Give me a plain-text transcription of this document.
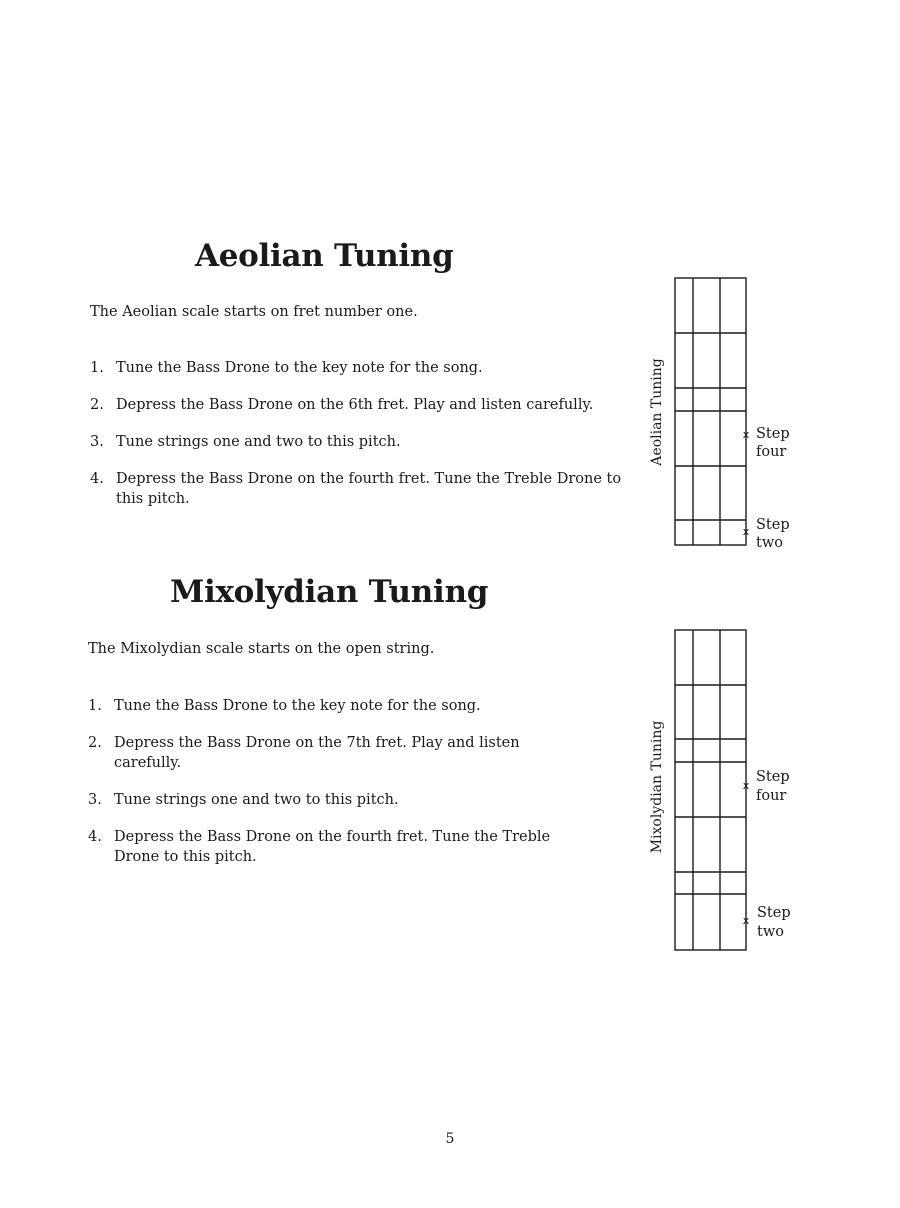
Aeolian Tuning

The Aeolian scale starts on fret number one.

1. Tune the Bass Drone to the key note for the song.
2. Depress the Bass Drone on the 6th fret. Play and listen carefully.
3. Tune strings one and two to this pitch.
4. Depress the Bass Drone on the fourth fret. Tune the Treble Drone to this pitch.
Aeolian Tuning	x Step
four
x Step
two
Mixolydian Tuning

The Mixolydian scale starts on the open string.

1. Tune the Bass Drone to the key note for the song.
2. Depress the Bass Drone on the 7th fret. Play and listen carefully.
3. Tune strings one and two to this pitch.
4. Depress the Bass Drone on the fourth fret. Tune the Treble Drone to this pitch.
Mixolydian Tuning	x
Step
four
x Step
two
5
